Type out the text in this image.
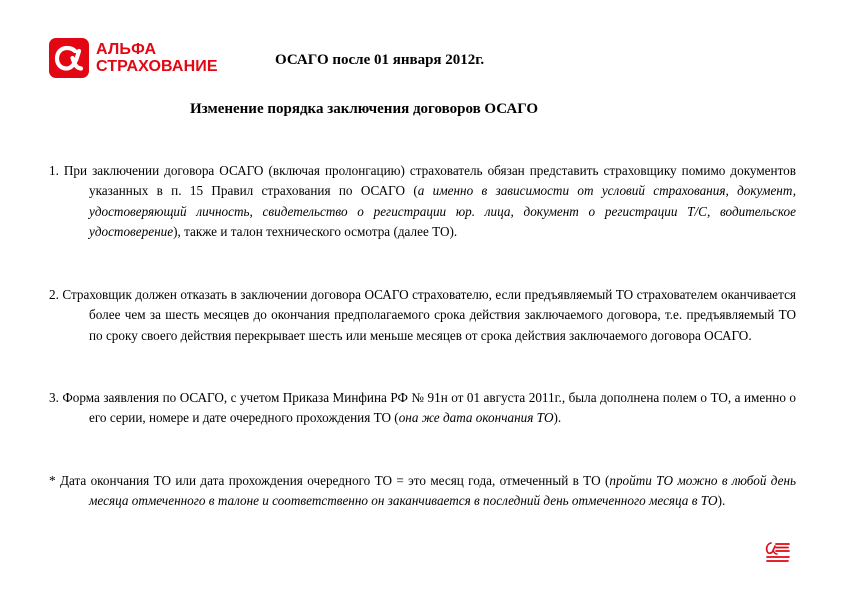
АЛЬФА
СТРАХОВАНИЕ	ОСАГО после 01 января 2012г.
Изменение порядка заключения договоров ОСАГО
1. При заключении договора ОСАГО (включая пролонгацию) страхователь обязан представить страховщику помимо документов указанных в п. 15 Правил страхования по ОСАГО (а именно в зависимости от условий страхования, документ, удостоверяющий личность, свидетельство о регистрации юр. лица, документ о регистрации Т/С, водительское удостоверение), также и талон технического осмотра (далее ТО).
2. Страховщик должен отказать в заключении договора ОСАГО страхователю, если предъявляемый ТО страхователем оканчивается более чем за шесть месяцев до окончания предполагаемого срока действия заключаемого договора, т.е. предъявляемый ТО по сроку своего действия перекрывает шесть или меньше месяцев от срока действия заключаемого договора ОСАГО.
3. Форма заявления по ОСАГО, с учетом Приказа Минфина РФ № 91н от 01 августа 2011г., была дополнена полем о ТО, а именно о его серии, номере и дате очередного прохождения ТО (она же дата окончания ТО).
* Дата окончания ТО или дата прохождения очередного ТО = это месяц года, отмеченный в ТО (пройти ТО можно в любой день месяца отмеченного в талоне и соответственно он заканчивается в последний день отмеченного месяца в ТО).
